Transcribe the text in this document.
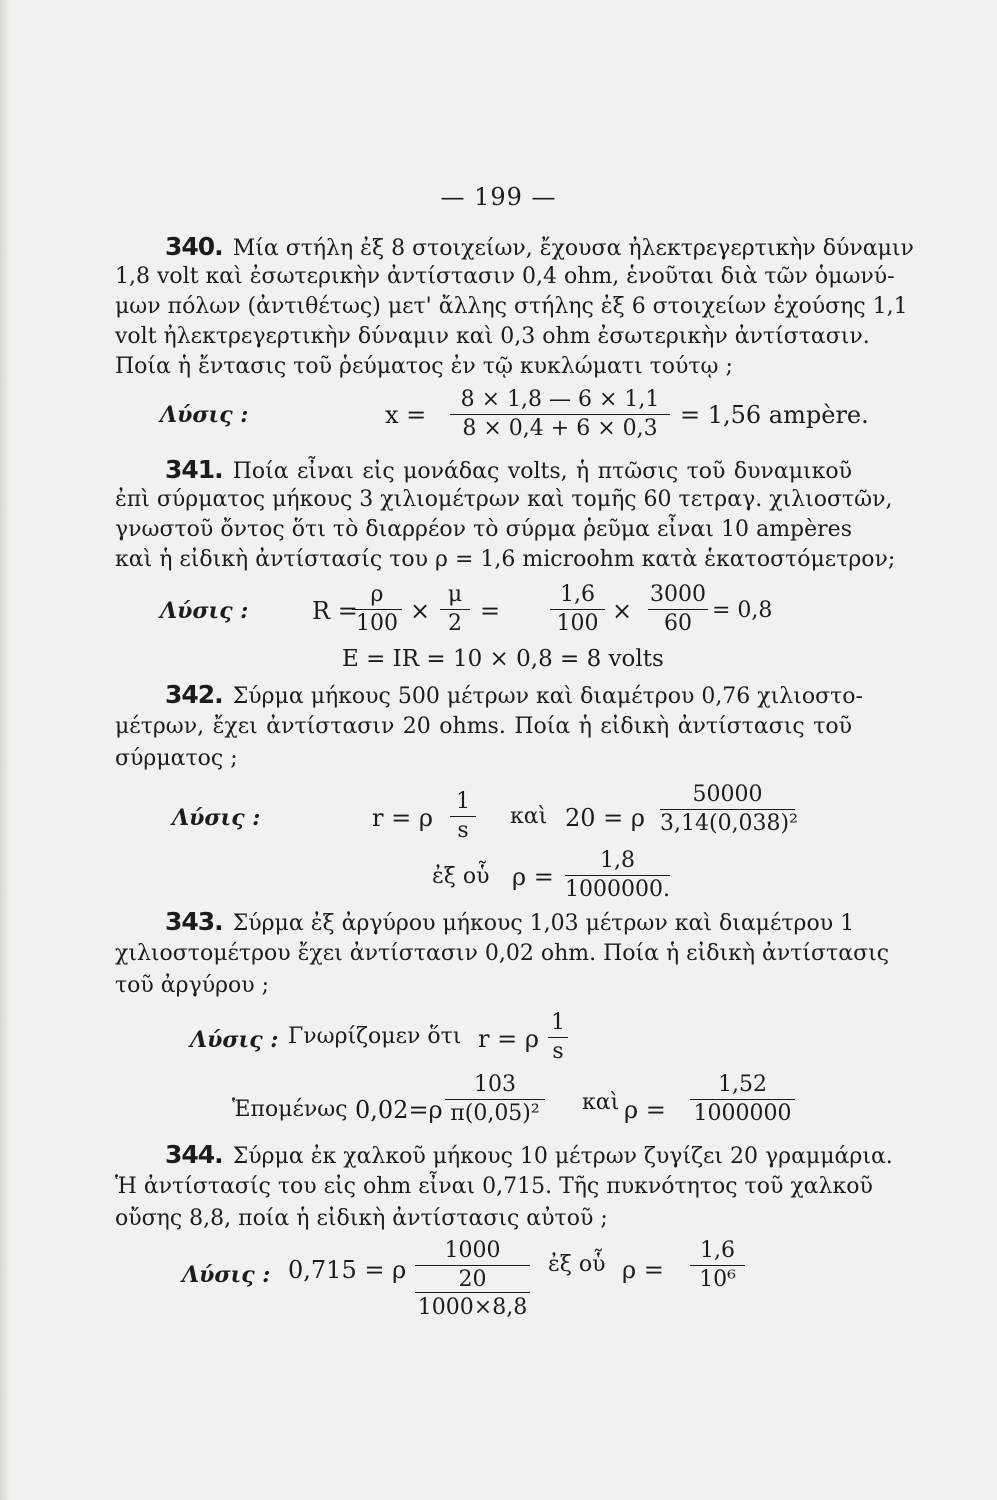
— 199 —
340. Μία στήλη ἐξ 8 στοιχείων, ἔχουσα ἠλεκτρεγερτικὴν δύναμιν
1,8 volt καὶ ἐσωτερικὴν ἀντίστασιν 0,4 ohm, ἑνοῦται διὰ τῶν ὁμωνύ-
μων πόλων (ἀντιθέτως) μετ' ἄλλης στήλης ἐξ 6 στοιχείων ἐχούσης 1,1
volt ἠλεκτρεγερτικὴν δύναμιν καὶ 0,3 ohm ἐσωτερικὴν ἀντίστασιν.
Ποία ἡ ἔντασις τοῦ ῥεύματος ἐν τῷ κυκλώματι τούτῳ ;
Λύσις :	$x = \frac{8 \times 1,8 — 6 \times 1,1}{8 \times 0,4 + 6 \times 0,3} = 1,56$ ampère.
341. Ποία εἶναι εἰς μονάδας volts, ἡ πτῶσις τοῦ δυναμικοῦ
ἐπὶ σύρματος μήκους 3 χιλιομέτρων καὶ τομῆς 60 τετραγ. χιλιοστῶν,
γνωστοῦ ὄντος ὅτι τὸ διαρρέον τὸ σύρμα ῥεῦμα εἶναι 10 ampères
καὶ ἡ εἰδικὴ ἀντίστασίς του ρ = 1,6 microohm κατὰ ἑκατοστόμετρον;
Λύσις :	R =
$\frac{\rho}{100} \times \frac{\mu}{2} = \frac{1,6}{100} \times \frac{3000}{60} = 0,8$
E = IR = 10 × 0,8 = 8 volts
342. Σύρμα μήκους 500 μέτρων καὶ διαμέτρου 0,76 χιλιοστο-
μέτρων, ἔχει ἀντίστασιν 20 ohms. Ποία ἡ εἰδικὴ ἀντίστασις τοῦ
σύρματος ;
Λύσις :	r = ρ $\frac{1}{s}$ καὶ 20 = ρ $\frac{50000}{\text{3,14(0,038)²}}$
ἐξ οὗ $\rho = \frac{1,8}{1000000.}$
343. Σύρμα ἐξ ἀργύρου μήκους 1,03 μέτρων καὶ διαμέτρου 1
χιλιοστομέτρου ἔχει ἀντίστασιν 0,02 ohm. Ποία ἡ εἰδικὴ ἀντίστασις
τοῦ ἀργύρου ;
Λύσις : Γνωρίζομεν ὅτι r = ρ $\frac{1}{s}$
Ἑπομένως $0,02=\rho \frac{103}{\text{π(0,05)²}}$ καὶ $\rho = \frac{1,52}{1000000}$
344. Σύρμα ἐκ χαλκοῦ μήκους 10 μέτρων ζυγίζει 20 γραμμάρια.
Ἡ ἀντίστασίς του εἰς ohm εἶναι 0,715. Τῆς πυκνότητος τοῦ χαλκοῦ
οὔσης 8,8, ποία ἡ εἰδικὴ ἀντίστασις αὐτοῦ ;
Λύσις : 0,715 = ρ $\frac{1000}{20}$
1000×8,8
ἐξ οὗ $\rho = \frac{1,6}{\text{10⁶}}$
